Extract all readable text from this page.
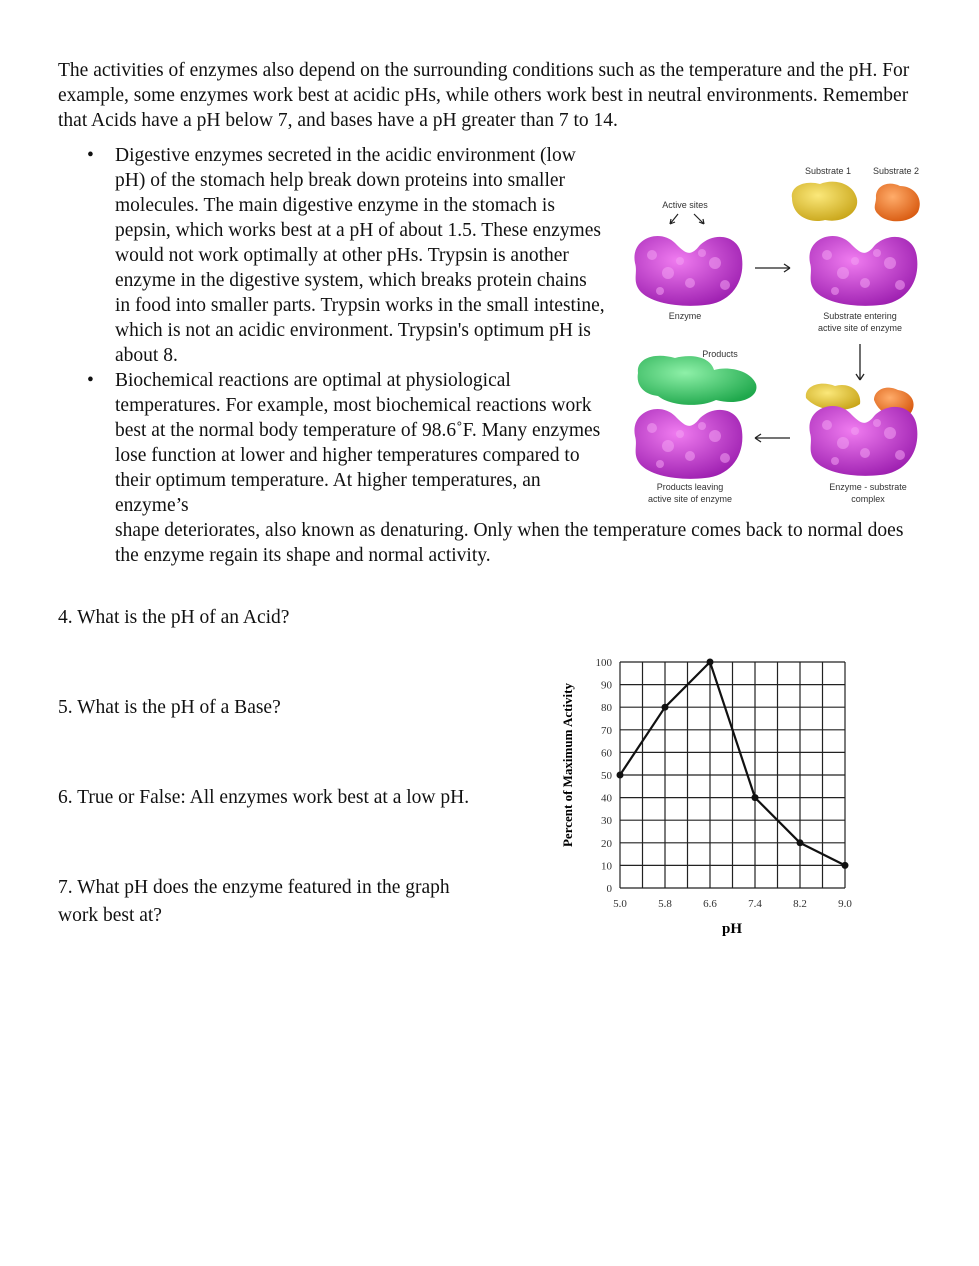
The activities of enzymes also depend on the surrounding conditions such as the temperature and the pH. For example, some enzymes work best at acidic pHs, while others work best in neutral environments. Remember that Acids have a pH below 7, and bases have a pH greater than 7 to 14.

• Digestive enzymes secreted in the acidic environment (low pH) of the stomach help break down proteins into smaller molecules. The main digestive enzyme in the stomach is pepsin, which works best at a pH of about 1.5. These enzymes would not work optimally at other pHs. Trypsin is another enzyme in the digestive system, which breaks protein chains in food into smaller parts. Trypsin works in the small intestine, which is not an acidic environment. Trypsin's optimum pH is about 8.
• Biochemical reactions are optimal at physiological temperatures. For example, most biochemical reactions work best at the normal body temperature of 98.6˚F. Many enzymes lose function at lower and higher temperatures compared to their optimum temperature. At higher temperatures, an enzyme’s
shape deteriorates, also known as denaturing. Only when the temperature comes back to normal does the enzyme regain its shape and normal activity.
Active sites
Enzyme
Substrate 1 Substrate 2
Substrate entering
active site of enzyme
Enzyme - substrate
complex
Products
Products leaving
active site of enzyme

4. What is the pH of an Acid?

5. What is the pH of a Base?

6. True or False: All enzymes work best at a low pH.

7. What pH does the enzyme featured in the graph

work best at?

0
10
20
30
40
50
60
70
80
90
100
5.0	5.8	6.6	7.4	8.2	9.0
Percent of Maximum Activity
pH
